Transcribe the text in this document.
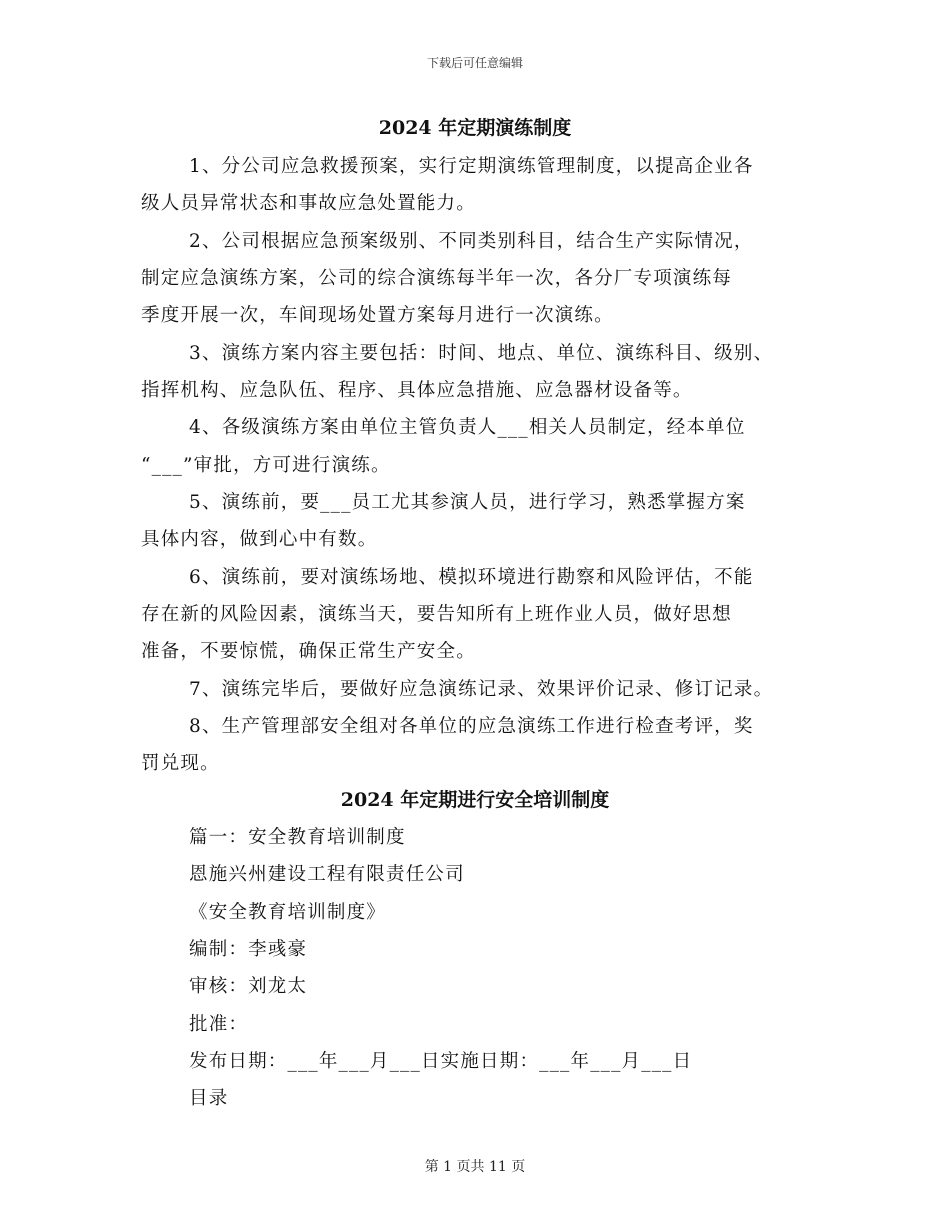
下载后可任意编辑
2024 年定期演练制度
1、分公司应急救援预案，实行定期演练管理制度，以提高企业各
级人员异常状态和事故应急处置能力。
2、公司根据应急预案级别、不同类别科目，结合生产实际情况，
制定应急演练方案，公司的综合演练每半年一次，各分厂专项演练每
季度开展一次，车间现场处置方案每月进行一次演练。
3、演练方案内容主要包括：时间、地点、单位、演练科目、级别、
指挥机构、应急队伍、程序、具体应急措施、应急器材设备等。
4、各级演练方案由单位主管负责人___相关人员制定，经本单位
“___”审批，方可进行演练。
5、演练前，要___员工尤其参演人员，进行学习，熟悉掌握方案
具体内容，做到心中有数。
6、演练前，要对演练场地、模拟环境进行勘察和风险评估，不能
存在新的风险因素，演练当天，要告知所有上班作业人员，做好思想
准备，不要惊慌，确保正常生产安全。
7、演练完毕后，要做好应急演练记录、效果评价记录、修订记录。
8、生产管理部安全组对各单位的应急演练工作进行检查考评，奖
罚兑现。
2024 年定期进行安全培训制度
篇一：安全教育培训制度
恩施兴州建设工程有限责任公司
《安全教育培训制度》
编制：李彧豪
审核：刘龙太
批准：
发布日期：___年___月___日实施日期：___年___月___日
目录
第 1 页共 11 页
